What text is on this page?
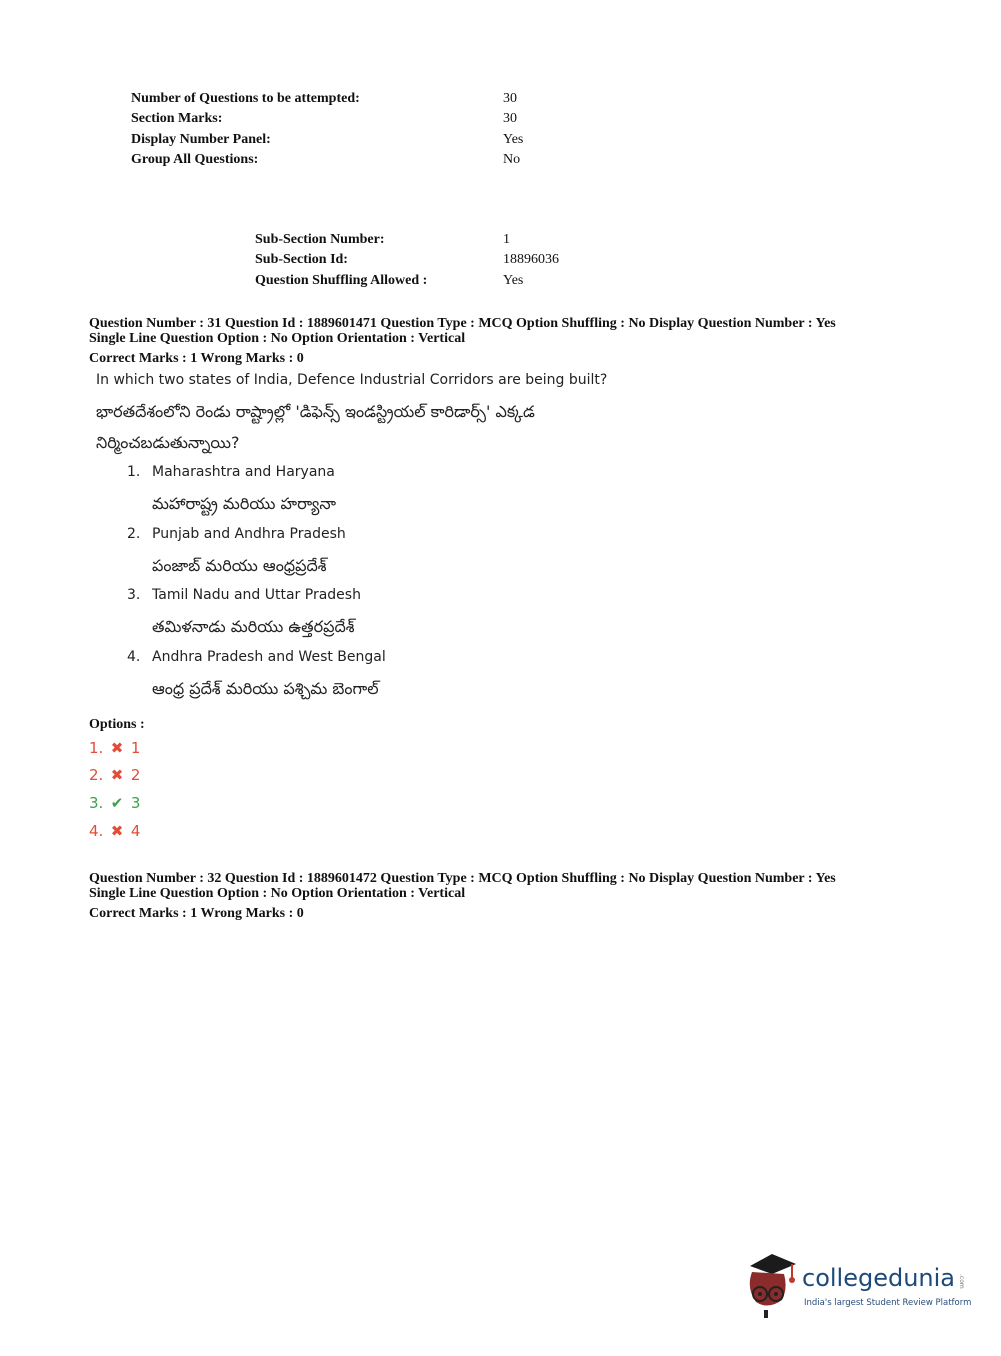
Number of Questions to be attempted:	30
Section Marks:	30
Display Number Panel:	Yes
Group All Questions:	No
Sub-Section Number:	1
Sub-Section Id:	18896036
Question Shuffling Allowed :	Yes
Question Number : 31 Question Id : 1889601471 Question Type : MCQ Option Shuffling : No Display Question Number : Yes
Single Line Question Option : No Option Orientation : Vertical
Correct Marks : 1 Wrong Marks : 0
In which two states of India, Defence Industrial Corridors are being built?
భారతదేశంలోని రెండు రాష్ట్రాల్లో 'డిఫెన్స్ ఇండస్ట్రియల్ కారిడార్స్' ఎక్కడ
నిర్మించబడుతున్నాయి?
1. Maharashtra and Haryana
మహారాష్ట్ర మరియు హర్యానా
2. Punjab and Andhra Pradesh
పంజాబ్ మరియు ఆంధ్రప్రదేశ్
3. Tamil Nadu and Uttar Pradesh
తమిళనాడు మరియు ఉత్తరప్రదేశ్
4. Andhra Pradesh and West Bengal
ఆంధ్ర ప్రదేశ్ మరియు పశ్చిమ బెంగాల్
Options :
1. ✖ 1
2. ✖ 2
3. ✔ 3
4. ✖ 4
Question Number : 32 Question Id : 1889601472 Question Type : MCQ Option Shuffling : No Display Question Number : Yes
Single Line Question Option : No Option Orientation : Vertical
Correct Marks : 1 Wrong Marks : 0
collegedunia .com
India's largest Student Review Platform
